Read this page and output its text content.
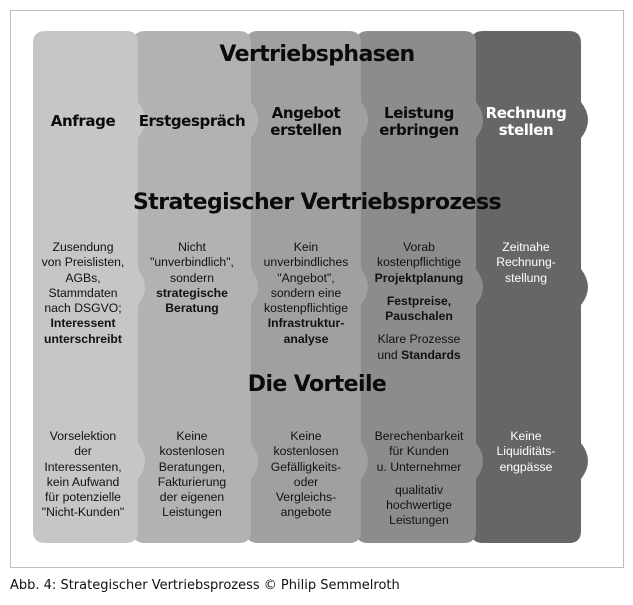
Vertriebsphasen
Strategischer Vertriebsprozess
Die Vorteile
Anfrage

Zusendung

von Preislisten,

AGBs,

Stammdaten

nach DSGVO;

Interessent

unterschreibt

Vorselektion

der

Interessenten,

kein Aufwand

für potenzielle

"Nicht-Kunden"

Erstgespräch

Nicht

"unverbindlich",

sondern

strategische

Beratung

Keine

kostenlosen

Beratungen,

Fakturierung

der eigenen

Leistungen

Angebot
erstellen

Kein

unverbindliches

"Angebot",

sondern eine

kostenpflichtige

Infrastruktur-

analyse

Keine

kostenlosen

Gefälligkeits-

oder

Vergleichs-

angebote

Leistung
erbringen

Vorab

kostenpflichtige

Projektplanung

Festpreise,

Pauschalen

Klare Prozesse

und Standards

Berechenbarkeit

für Kunden

u. Unternehmer

qualitativ

hochwertige

Leistungen

Rechnung
stellen

Zeitnahe

Rechnung-

stellung

Keine

Liquiditäts-

engpässe

Abb. 4: Strategischer Vertriebsprozess © Philip Semmelroth
